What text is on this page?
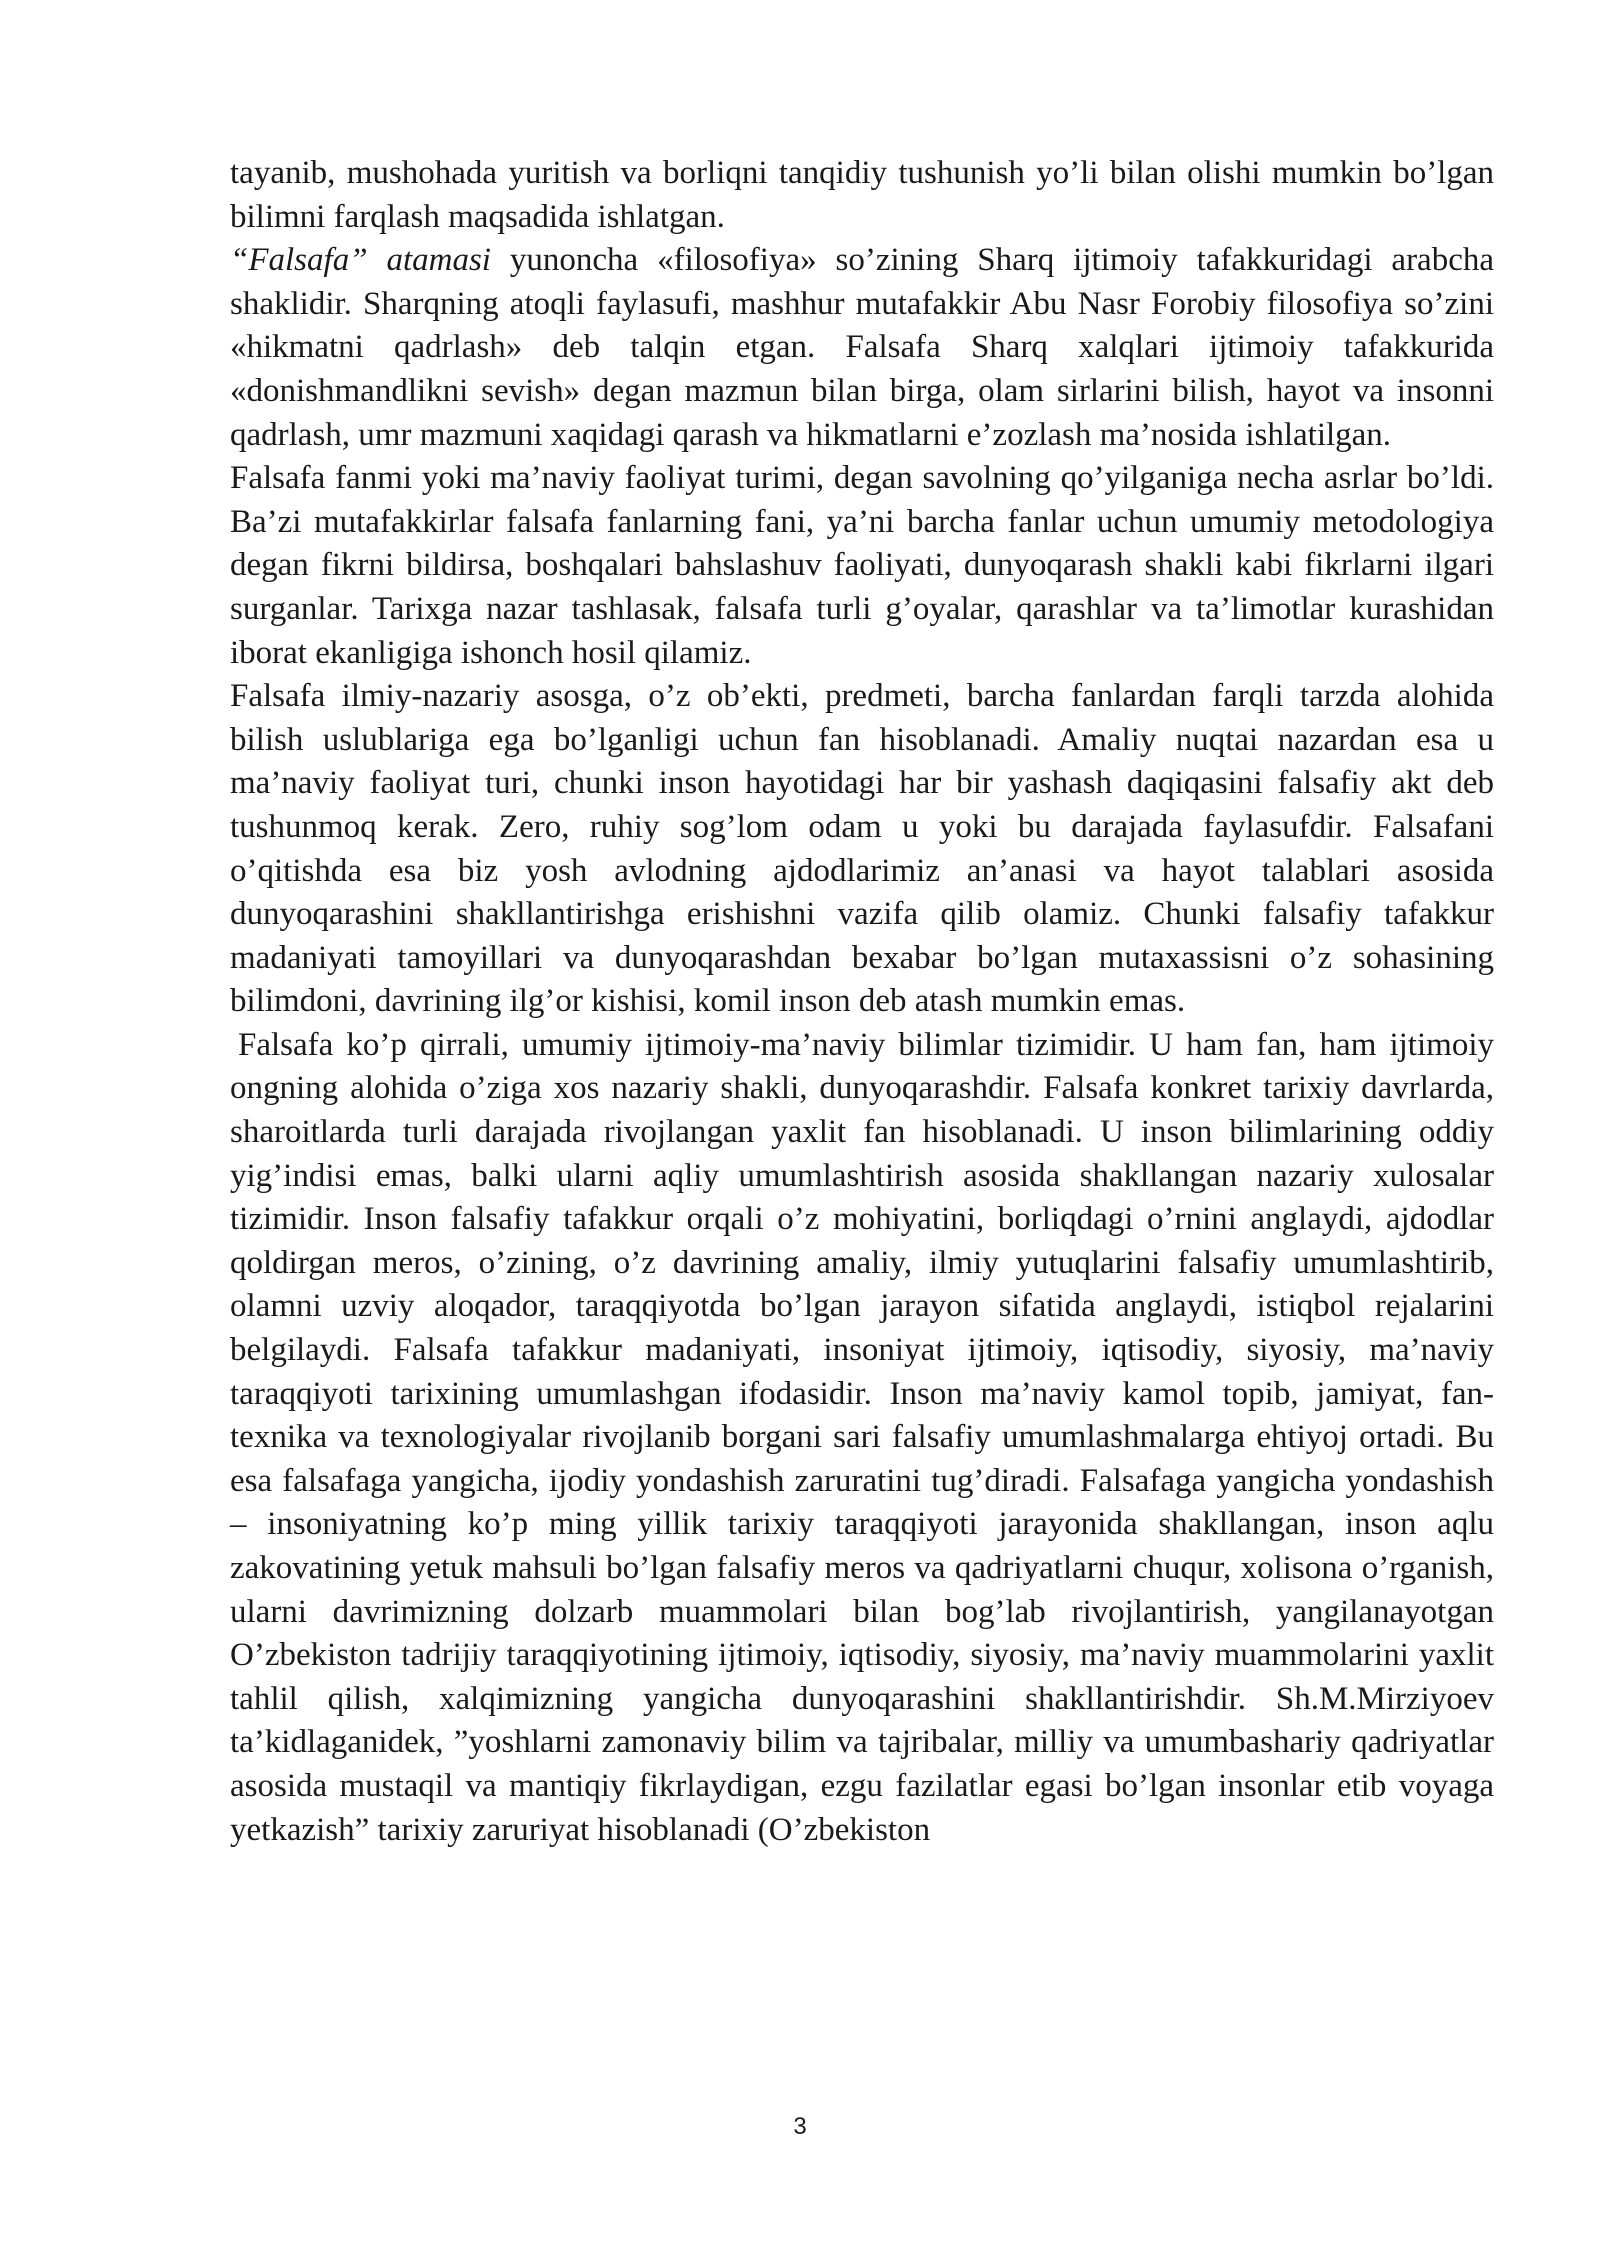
tayanib, mushohada yuritish va borliqni tanqidiy tushunish yo’li bilan olishi mumkin bo’lgan bilimni farqlash maqsadida ishlatgan.

“Falsafa” atamasi yunoncha «filosofiya» so’zining Sharq ijtimoiy tafakkuridagi arabcha shaklidir. Sharqning atoqli faylasufi, mashhur mutafakkir Abu Nasr Forobiy filosofiya so’zini «hikmatni qadrlash» deb talqin etgan. Falsafa Sharq xalqlari ijtimoiy tafakkurida «donishmandlikni sevish» degan mazmun bilan birga, olam sirlarini bilish, hayot va insonni qadrlash, umr mazmuni xaqidagi qarash va hikmatlarni e’zozlash ma’nosida ishlatilgan.

Falsafa fanmi yoki ma’naviy faoliyat turimi, degan savolning qo’yilganiga necha asrlar bo’ldi. Ba’zi mutafakkirlar falsafa fanlarning fani, ya’ni barcha fanlar uchun umumiy metodologiya degan fikrni bildirsa, boshqalari bahslashuv faoliyati, dunyoqarash shakli kabi fikrlarni ilgari surganlar. Tarixga nazar tashlasak, falsafa turli g’oyalar, qarashlar va ta’limotlar kurashidan iborat ekanligiga ishonch hosil qilamiz.

Falsafa ilmiy-nazariy asosga, o’z ob’ekti, predmeti, barcha fanlardan farqli tarzda alohida bilish uslublariga ega bo’lganligi uchun fan hisoblanadi. Amaliy nuqtai nazardan esa u ma’naviy faoliyat turi, chunki inson hayotidagi har bir yashash daqiqasini falsafiy akt deb tushunmoq kerak. Zero, ruhiy sog’lom odam u yoki bu darajada faylasufdir. Falsafani o’qitishda esa biz yosh avlodning ajdodlarimiz an’anasi va hayot talablari asosida dunyoqarashini shakllantirishga erishishni vazifa qilib olamiz. Chunki falsafiy tafakkur madaniyati tamoyillari va dunyoqarashdan bexabar bo’lgan mutaxassisni o’z sohasining bilimdoni, davrining ilg’or kishisi, komil inson deb atash mumkin emas.

Falsafa ko’p qirrali, umumiy ijtimoiy-ma’naviy bilimlar tizimidir. U ham fan, ham ijtimoiy ongning alohida o’ziga xos nazariy shakli, dunyoqarashdir. Falsafa konkret tarixiy davrlarda, sharoitlarda turli darajada rivojlangan yaxlit fan hisoblanadi. U inson bilimlarining oddiy yig’indisi emas, balki ularni aqliy umumlashtirish asosida shakllangan nazariy xulosalar tizimidir. Inson falsafiy tafakkur orqali o’z mohiyatini, borliqdagi o’rnini anglaydi, ajdodlar qoldirgan meros, o’zining, o’z davrining amaliy, ilmiy yutuqlarini falsafiy umumlashtirib, olamni uzviy aloqador, taraqqiyotda bo’lgan jarayon sifatida anglaydi, istiqbol rejalarini belgilaydi. Falsafa tafakkur madaniyati, insoniyat ijtimoiy, iqtisodiy, siyosiy, ma’naviy taraqqiyoti tarixining umumlashgan ifodasidir. Inson ma’naviy kamol topib, jamiyat, fan-texnika va texnologiyalar rivojlanib borgani sari falsafiy umumlashmalarga ehtiyoj ortadi. Bu esa falsafaga yangicha, ijodiy yondashish zaruratini tug’diradi. Falsafaga yangicha yondashish – insoniyatning ko’p ming yillik tarixiy taraqqiyoti jarayonida shakllangan, inson aqlu zakovatining yetuk mahsuli bo’lgan falsafiy meros va qadriyatlarni chuqur, xolisona o’rganish, ularni davrimizning dolzarb muammolari bilan bog’lab rivojlantirish, yangilanayotgan O’zbekiston tadrijiy taraqqiyotining ijtimoiy, iqtisodiy, siyosiy, ma’naviy muammolarini yaxlit tahlil qilish, xalqimizning yangicha dunyoqarashini shakllantirishdir. Sh.M.Mirziyoev ta’kidlaganidek, ”yoshlarni zamonaviy bilim va tajribalar, milliy va umumbashariy qadriyatlar asosida mustaqil va mantiqiy fikrlaydigan, ezgu fazilatlar egasi bo’lgan insonlar etib voyaga yetkazish” tarixiy zaruriyat hisoblanadi (O’zbekiston

3
